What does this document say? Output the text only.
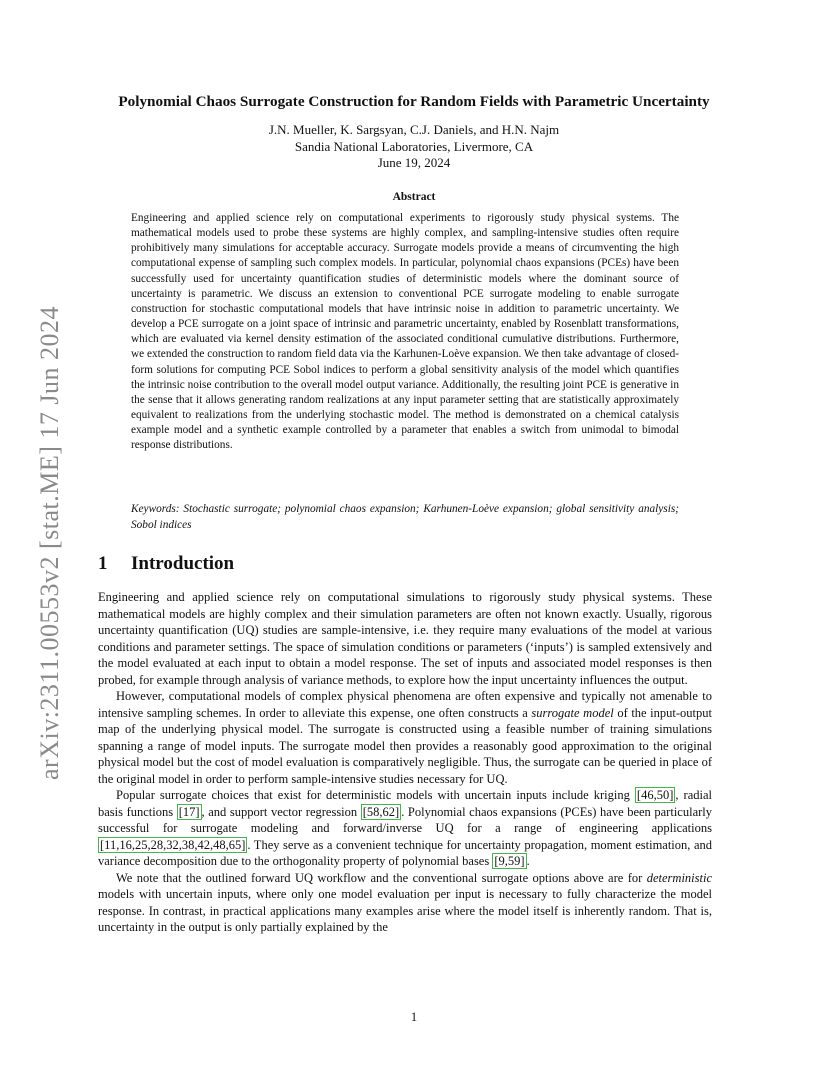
arXiv:2311.00553v2 [stat.ME] 17 Jun 2024
Polynomial Chaos Surrogate Construction for Random Fields with Parametric Uncertainty
J.N. Mueller, K. Sargsyan, C.J. Daniels, and H.N. Najm
Sandia National Laboratories, Livermore, CA
June 19, 2024
Abstract

Engineering and applied science rely on computational experiments to rigorously study physical systems. The mathematical models used to probe these systems are highly complex, and sampling-intensive studies often require prohibitively many simulations for acceptable accuracy. Surrogate models provide a means of circumventing the high computational expense of sampling such complex models. In particular, polynomial chaos expansions (PCEs) have been successfully used for uncertainty quantification studies of deterministic models where the dominant source of uncertainty is parametric. We discuss an extension to conventional PCE surrogate modeling to enable surrogate construction for stochastic computational models that have intrinsic noise in addition to parametric uncertainty. We develop a PCE surrogate on a joint space of intrinsic and parametric uncertainty, enabled by Rosenblatt transformations, which are evaluated via kernel density estimation of the associated conditional cumulative distributions. Furthermore, we extended the construction to random field data via the Karhunen-Loève expansion. We then take advantage of closed-form solutions for computing PCE Sobol indices to perform a global sensitivity analysis of the model which quantifies the intrinsic noise contribution to the overall model output variance. Additionally, the resulting joint PCE is generative in the sense that it allows generating random realizations at any input parameter setting that are statistically approximately equivalent to realizations from the underlying stochastic model. The method is demonstrated on a chemical catalysis example model and a synthetic example controlled by a parameter that enables a switch from unimodal to bimodal response distributions.

Keywords: Stochastic surrogate; polynomial chaos expansion; Karhunen-Loève expansion; global sensitivity analysis; Sobol indices
1 Introduction

Engineering and applied science rely on computational simulations to rigorously study physical systems. These mathematical models are highly complex and their simulation parameters are often not known exactly. Usually, rigorous uncertainty quantification (UQ) studies are sample-intensive, i.e. they require many evaluations of the model at various conditions and parameter settings. The space of simulation conditions or parameters (‘inputs’) is sampled extensively and the model evaluated at each input to obtain a model response. The set of inputs and associated model responses is then probed, for example through analysis of variance methods, to explore how the input uncertainty influences the output.

However, computational models of complex physical phenomena are often expensive and typically not amenable to intensive sampling schemes. In order to alleviate this expense, one often constructs a surrogate model of the input-output map of the underlying physical model. The surrogate is constructed using a feasible number of training simulations spanning a range of model inputs. The surrogate model then provides a reasonably good approximation to the original physical model but the cost of model evaluation is comparatively negligible. Thus, the surrogate can be queried in place of the original model in order to perform sample-intensive studies necessary for UQ.

Popular surrogate choices that exist for deterministic models with uncertain inputs include kriging [46,50] , radial basis functions [17] , and support vector regression [58,62] . Polynomial chaos expansions (PCEs) have been particularly successful for surrogate modeling and forward/inverse UQ for a range of engineering applications [11,16,25,28,32,38,42,48,65] . They serve as a convenient technique for uncertainty propagation, moment estimation, and variance decomposition due to the orthogonality property of polynomial bases [9,59] .

We note that the outlined forward UQ workflow and the conventional surrogate options above are for deterministic models with uncertain inputs, where only one model evaluation per input is necessary to fully characterize the model response. In contrast, in practical applications many examples arise where the model itself is inherently random. That is, uncertainty in the output is only partially explained by the

1
